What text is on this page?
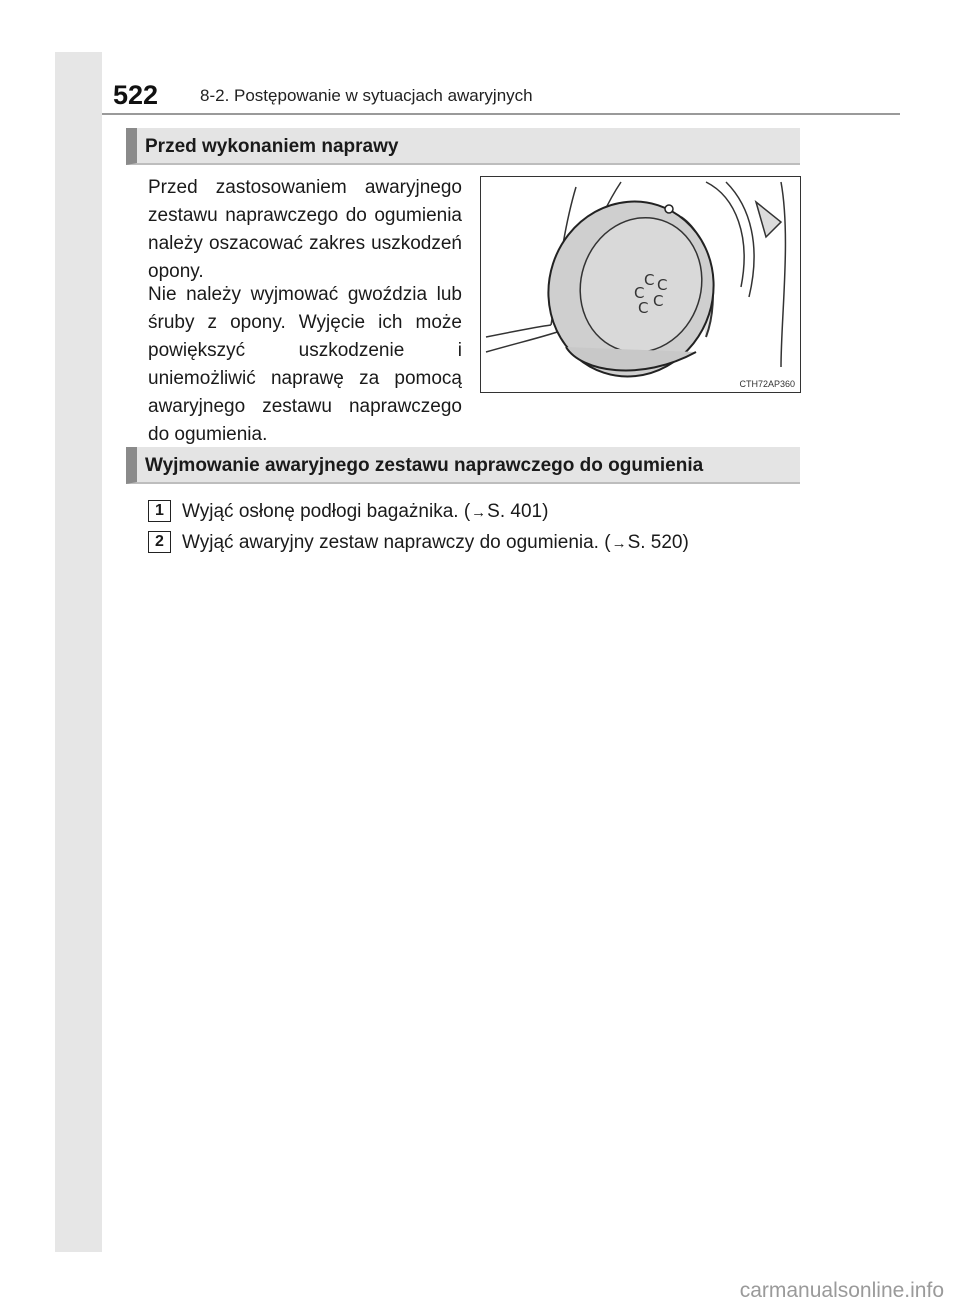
522 8-2. Postępowanie w sytuacjach awaryjnych
Przed wykonaniem naprawy

Przed zastosowaniem awaryjnego zestawu naprawczego do ogumienia należy oszacować zakres uszkodzeń opony.

Nie należy wyjmować gwoździa lub śruby z opony. Wyjęcie ich może powiększyć uszkodzenie i uniemożliwić naprawę za pomocą awaryjnego zestawu naprawczego do ogumienia.

C C
C C
C
CTH72AP360
Wyjmowanie awaryjnego zestawu naprawczego do ogumienia
1 Wyjąć osłonę podłogi bagażnika. (→S. 401)
2 Wyjąć awaryjny zestaw naprawczy do ogumienia. (→S. 520)
carmanualsonline.info
